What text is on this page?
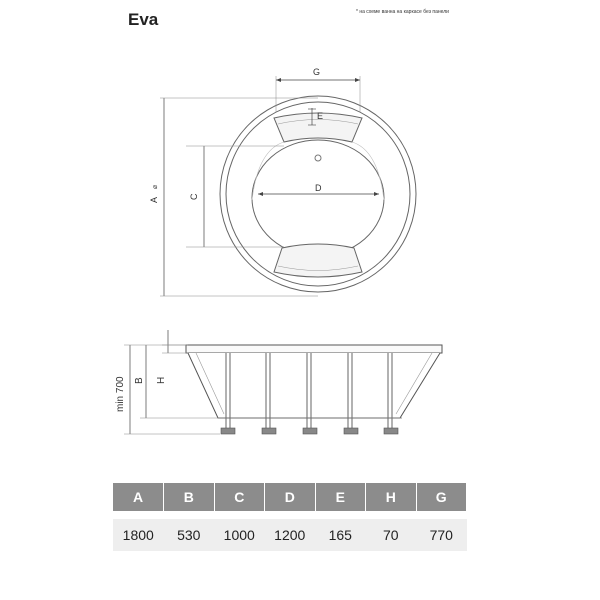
Eva	* на схеме ванна на каркасе без панели
G
E
D
A
⌀
C
H
B
min 700
A	B	C	D	E	H	G

1800	530	1000	1200	165	70	770
